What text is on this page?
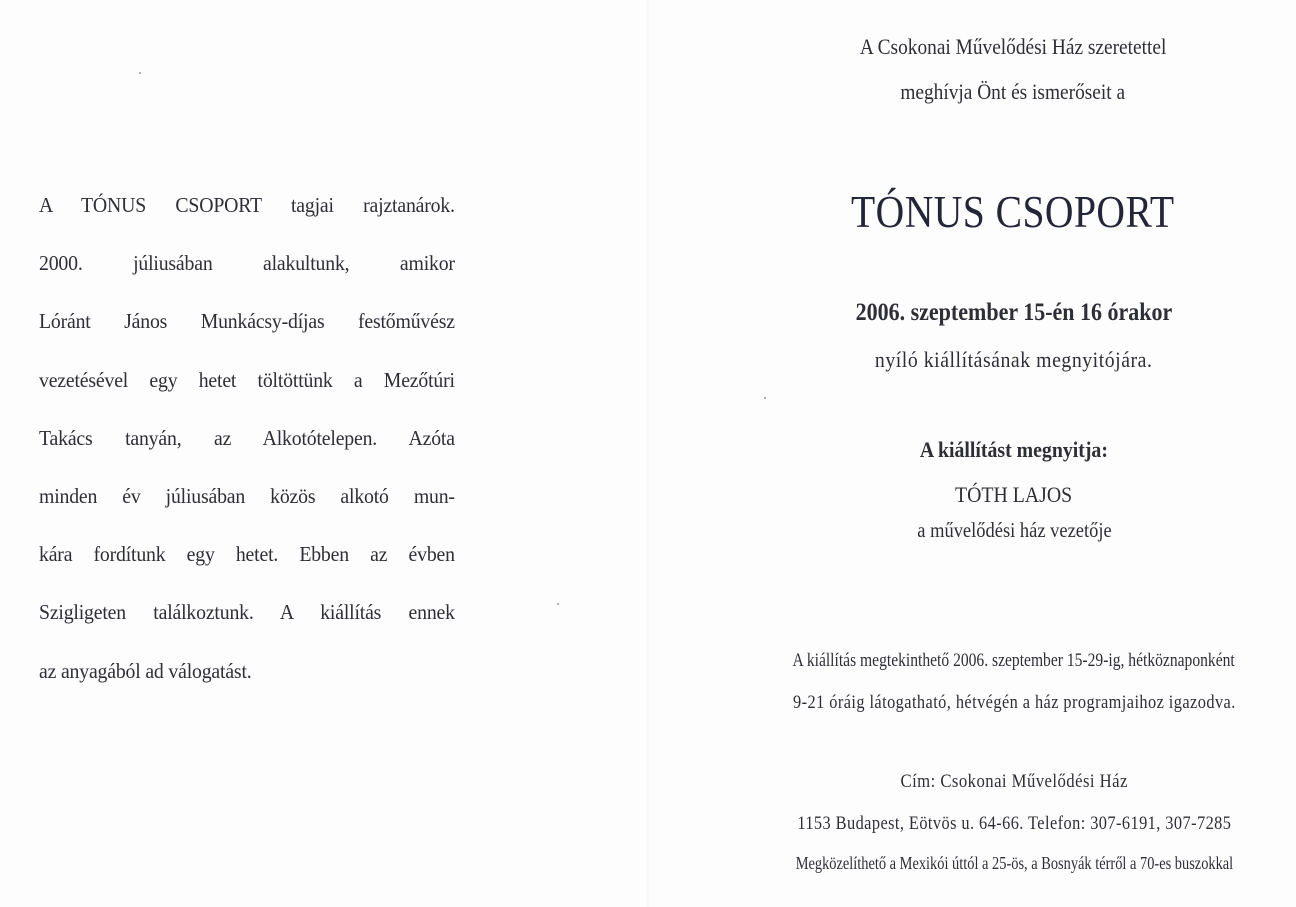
A TÓNUS CSOPORT tagjai rajztanárok.
2000. júliusában alakultunk, amikor
Lóránt János Munkácsy-díjas festőművész
vezetésével egy hetet töltöttünk a Mezőtúri
Takács tanyán, az Alkotótelepen. Azóta
minden év júliusában közös alkotó mun-
kára fordítunk egy hetet. Ebben az évben
Szigligeten találkoztunk. A kiállítás ennek
az anyagából ad válogatást.
A Csokonai Művelődési Ház szeretettel
meghívja Önt és ismerőseit a
TÓNUS CSOPORT
2006. szeptember 15-én 16 órakor
nyíló kiállításának megnyitójára.
A kiállítást megnyitja:
TÓTH LAJOS
a művelődési ház vezetője
A kiállítás megtekinthető 2006. szeptember 15-29-ig, hétköznaponként
9-21 óráig látogatható, hétvégén a ház programjaihoz igazodva.
Cím: Csokonai Művelődési Ház
1153 Budapest, Eötvös u. 64-66. Telefon: 307-6191, 307-7285
Megközelíthető a Mexikói úttól a 25-ös, a Bosnyák térről a 70-es buszokkal
